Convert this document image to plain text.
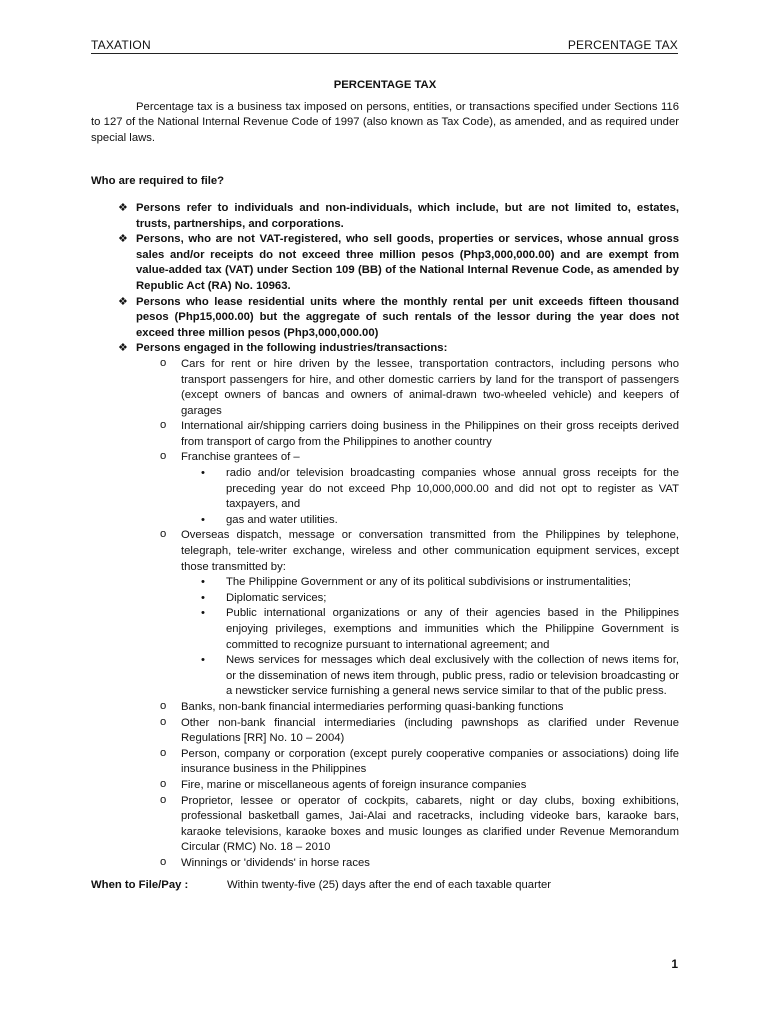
TAXATION	PERCENTAGE TAX

PERCENTAGE TAX

Percentage tax is a business tax imposed on persons, entities, or transactions specified under Sections 116 to 127 of the National Internal Revenue Code of 1997 (also known as Tax Code), as amended, and as required under special laws.

Who are required to file?

❖ Persons refer to individuals and non-individuals, which include, but are not limited to, estates, trusts, partnerships, and corporations.
❖ Persons, who are not VAT-registered, who sell goods, properties or services, whose annual gross sales and/or receipts do not exceed three million pesos (Php3,000,000.00) and are exempt from value-added tax (VAT) under Section 109 (BB) of the National Internal Revenue Code, as amended by Republic Act (RA) No. 10963.
❖ Persons who lease residential units where the monthly rental per unit exceeds fifteen thousand pesos (Php15,000.00) but the aggregate of such rentals of the lessor during the year does not exceed three million pesos (Php3,000,000.00)
❖ Persons engaged in the following industries/transactions:
o Cars for rent or hire driven by the lessee, transportation contractors, including persons who transport passengers for hire, and other domestic carriers by land for the transport of passengers (except owners of bancas and owners of animal-drawn two-wheeled vehicle) and keepers of garages
o International air/shipping carriers doing business in the Philippines on their gross receipts derived from transport of cargo from the Philippines to another country
o Franchise grantees of –
• radio and/or television broadcasting companies whose annual gross receipts for the preceding year do not exceed Php 10,000,000.00 and did not opt to register as VAT taxpayers, and
• gas and water utilities.
o Overseas dispatch, message or conversation transmitted from the Philippines by telephone, telegraph, tele-writer exchange, wireless and other communication equipment services, except those transmitted by:
• The Philippine Government or any of its political subdivisions or instrumentalities;
• Diplomatic services;
• Public international organizations or any of their agencies based in the Philippines enjoying privileges, exemptions and immunities which the Philippine Government is committed to recognize pursuant to international agreement; and
• News services for messages which deal exclusively with the collection of news items for, or the dissemination of news item through, public press, radio or television broadcasting or a newsticker service furnishing a general news service similar to that of the public press.
o Banks, non-bank financial intermediaries performing quasi-banking functions
o Other non-bank financial intermediaries (including pawnshops as clarified under Revenue Regulations [RR] No. 10 – 2004)
o Person, company or corporation (except purely cooperative companies or associations) doing life insurance business in the Philippines
o Fire, marine or miscellaneous agents of foreign insurance companies
o Proprietor, lessee or operator of cockpits, cabarets, night or day clubs, boxing exhibitions, professional basketball games, Jai-Alai and racetracks, including videoke bars, karaoke bars, karaoke televisions, karaoke boxes and music lounges as clarified under Revenue Memorandum Circular (RMC) No. 18 – 2010
o Winnings or 'dividends' in horse races
When to File/Pay :	Within twenty-five (25) days after the end of each taxable quarter
1
